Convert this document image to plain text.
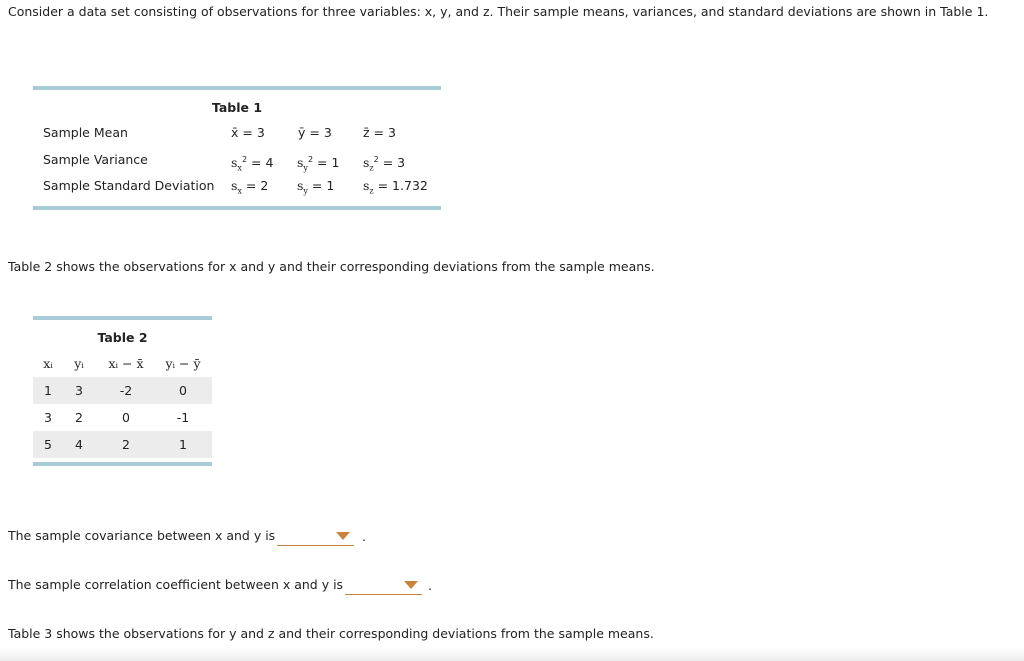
Consider a data set consisting of observations for three variables: x, y, and z. Their sample means, variances, and standard deviations are shown in Table 1.

Table 1
Sample Mean	x̄ = 3	ȳ = 3 z̄ = 3
Sample Variance	$s_x^2 = 4$ $s_y^2 = 1$ $s_z^2 = 3$
Sample Standard Deviation $s_x = 2$ $s_y = 1$ $s_z = 1.732$

Table 2 shows the observations for x and y and their corresponding deviations from the sample means.

Table 2
xᵢ	yᵢ	xᵢ − x̄	yᵢ − ȳ
1	3	-2	0
3	2	0	-1
5	4	2	1

The sample covariance between x and y is	.

The sample correlation coefficient between x and y is	.

Table 3 shows the observations for y and z and their corresponding deviations from the sample means.
